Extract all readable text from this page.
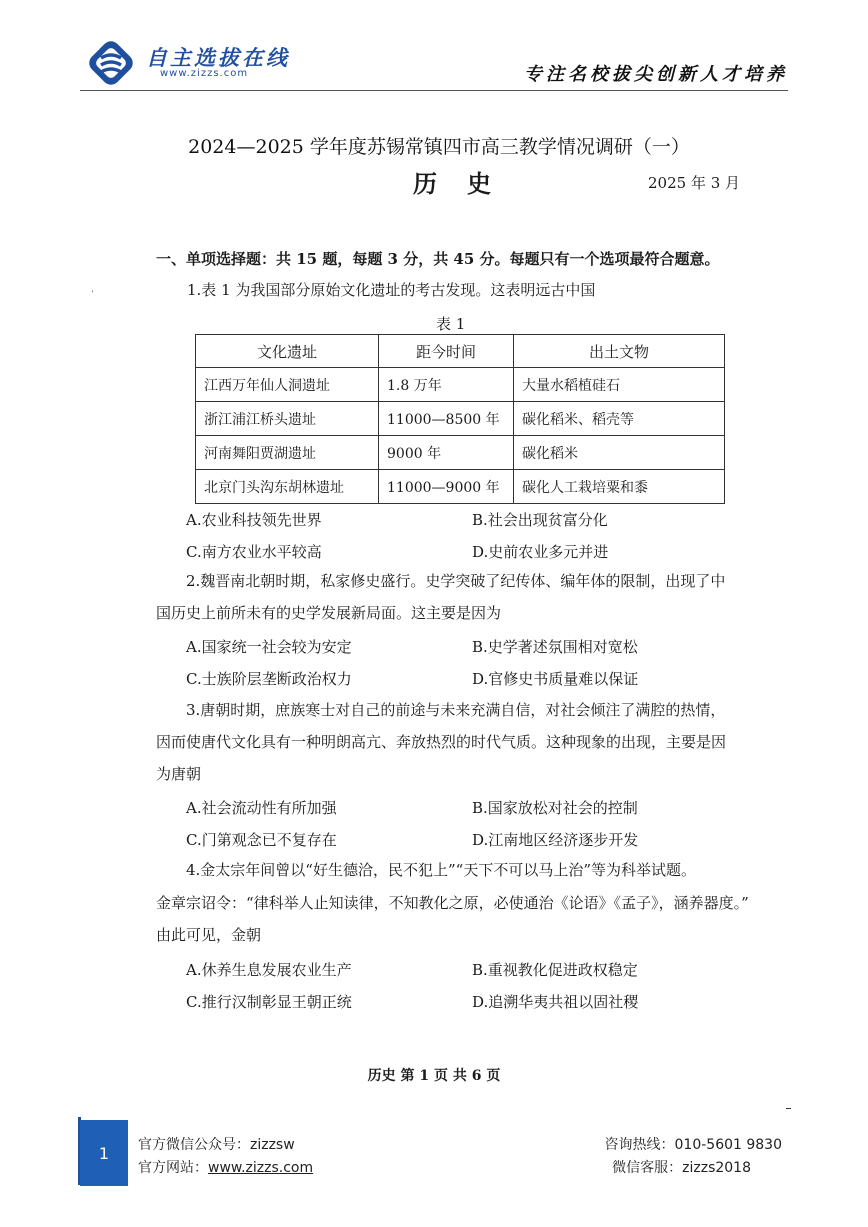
自主选拔在线
www.zizzs.com	专注名校拔尖创新人才培养
2024—2025 学年度苏锡常镇四市高三教学情况调研（一）
历史	2025 年 3 月
一、单项选择题：共 15 题，每题 3 分，共 45 分。每题只有一个选项最符合题意。
ˌ	1.表 1 为我国部分原始文化遗址的考古发现。这表明远古中国
表 1
文化遗址	距今时间	出土文物
江西万年仙人洞遗址	1.8 万年	大量水稻植硅石
浙江浦江桥头遗址	11000—8500 年	碳化稻米、稻壳等
河南舞阳贾湖遗址	9000 年	碳化稻米
北京门头沟东胡林遗址	11000—9000 年	碳化人工栽培粟和黍
A.农业科技领先世界	B.社会出现贫富分化
C.南方农业水平较高	D.史前农业多元并进
2.魏晋南北朝时期，私家修史盛行。史学突破了纪传体、编年体的限制，出现了中
国历史上前所未有的史学发展新局面。这主要是因为
A.国家统一社会较为安定	B.史学著述氛围相对宽松
C.士族阶层垄断政治权力	D.官修史书质量难以保证
3.唐朝时期，庶族寒士对自己的前途与未来充满自信，对社会倾注了满腔的热情，
因而使唐代文化具有一种明朗高亢、奔放热烈的时代气质。这种现象的出现，主要是因
为唐朝
A.社会流动性有所加强	B.国家放松对社会的控制
C.门第观念已不复存在	D.江南地区经济逐步开发
4.金太宗年间曾以“好生德洽，民不犯上”“天下不可以马上治”等为科举试题。
金章宗诏令：“律科举人止知读律，不知教化之原，必使通治《论语》《孟子》，涵养器度。”
由此可见，金朝
A.休养生息发展农业生产	B.重视教化促进政权稳定
C.推行汉制彰显王朝正统	D.追溯华夷共祖以固社稷
历史 第 1 页 共 6 页
1 官方微信公众号：zizzsw
官方网站：www.zizzs.com
咨询热线：010-5601 9830
微信客服：zizzs2018
